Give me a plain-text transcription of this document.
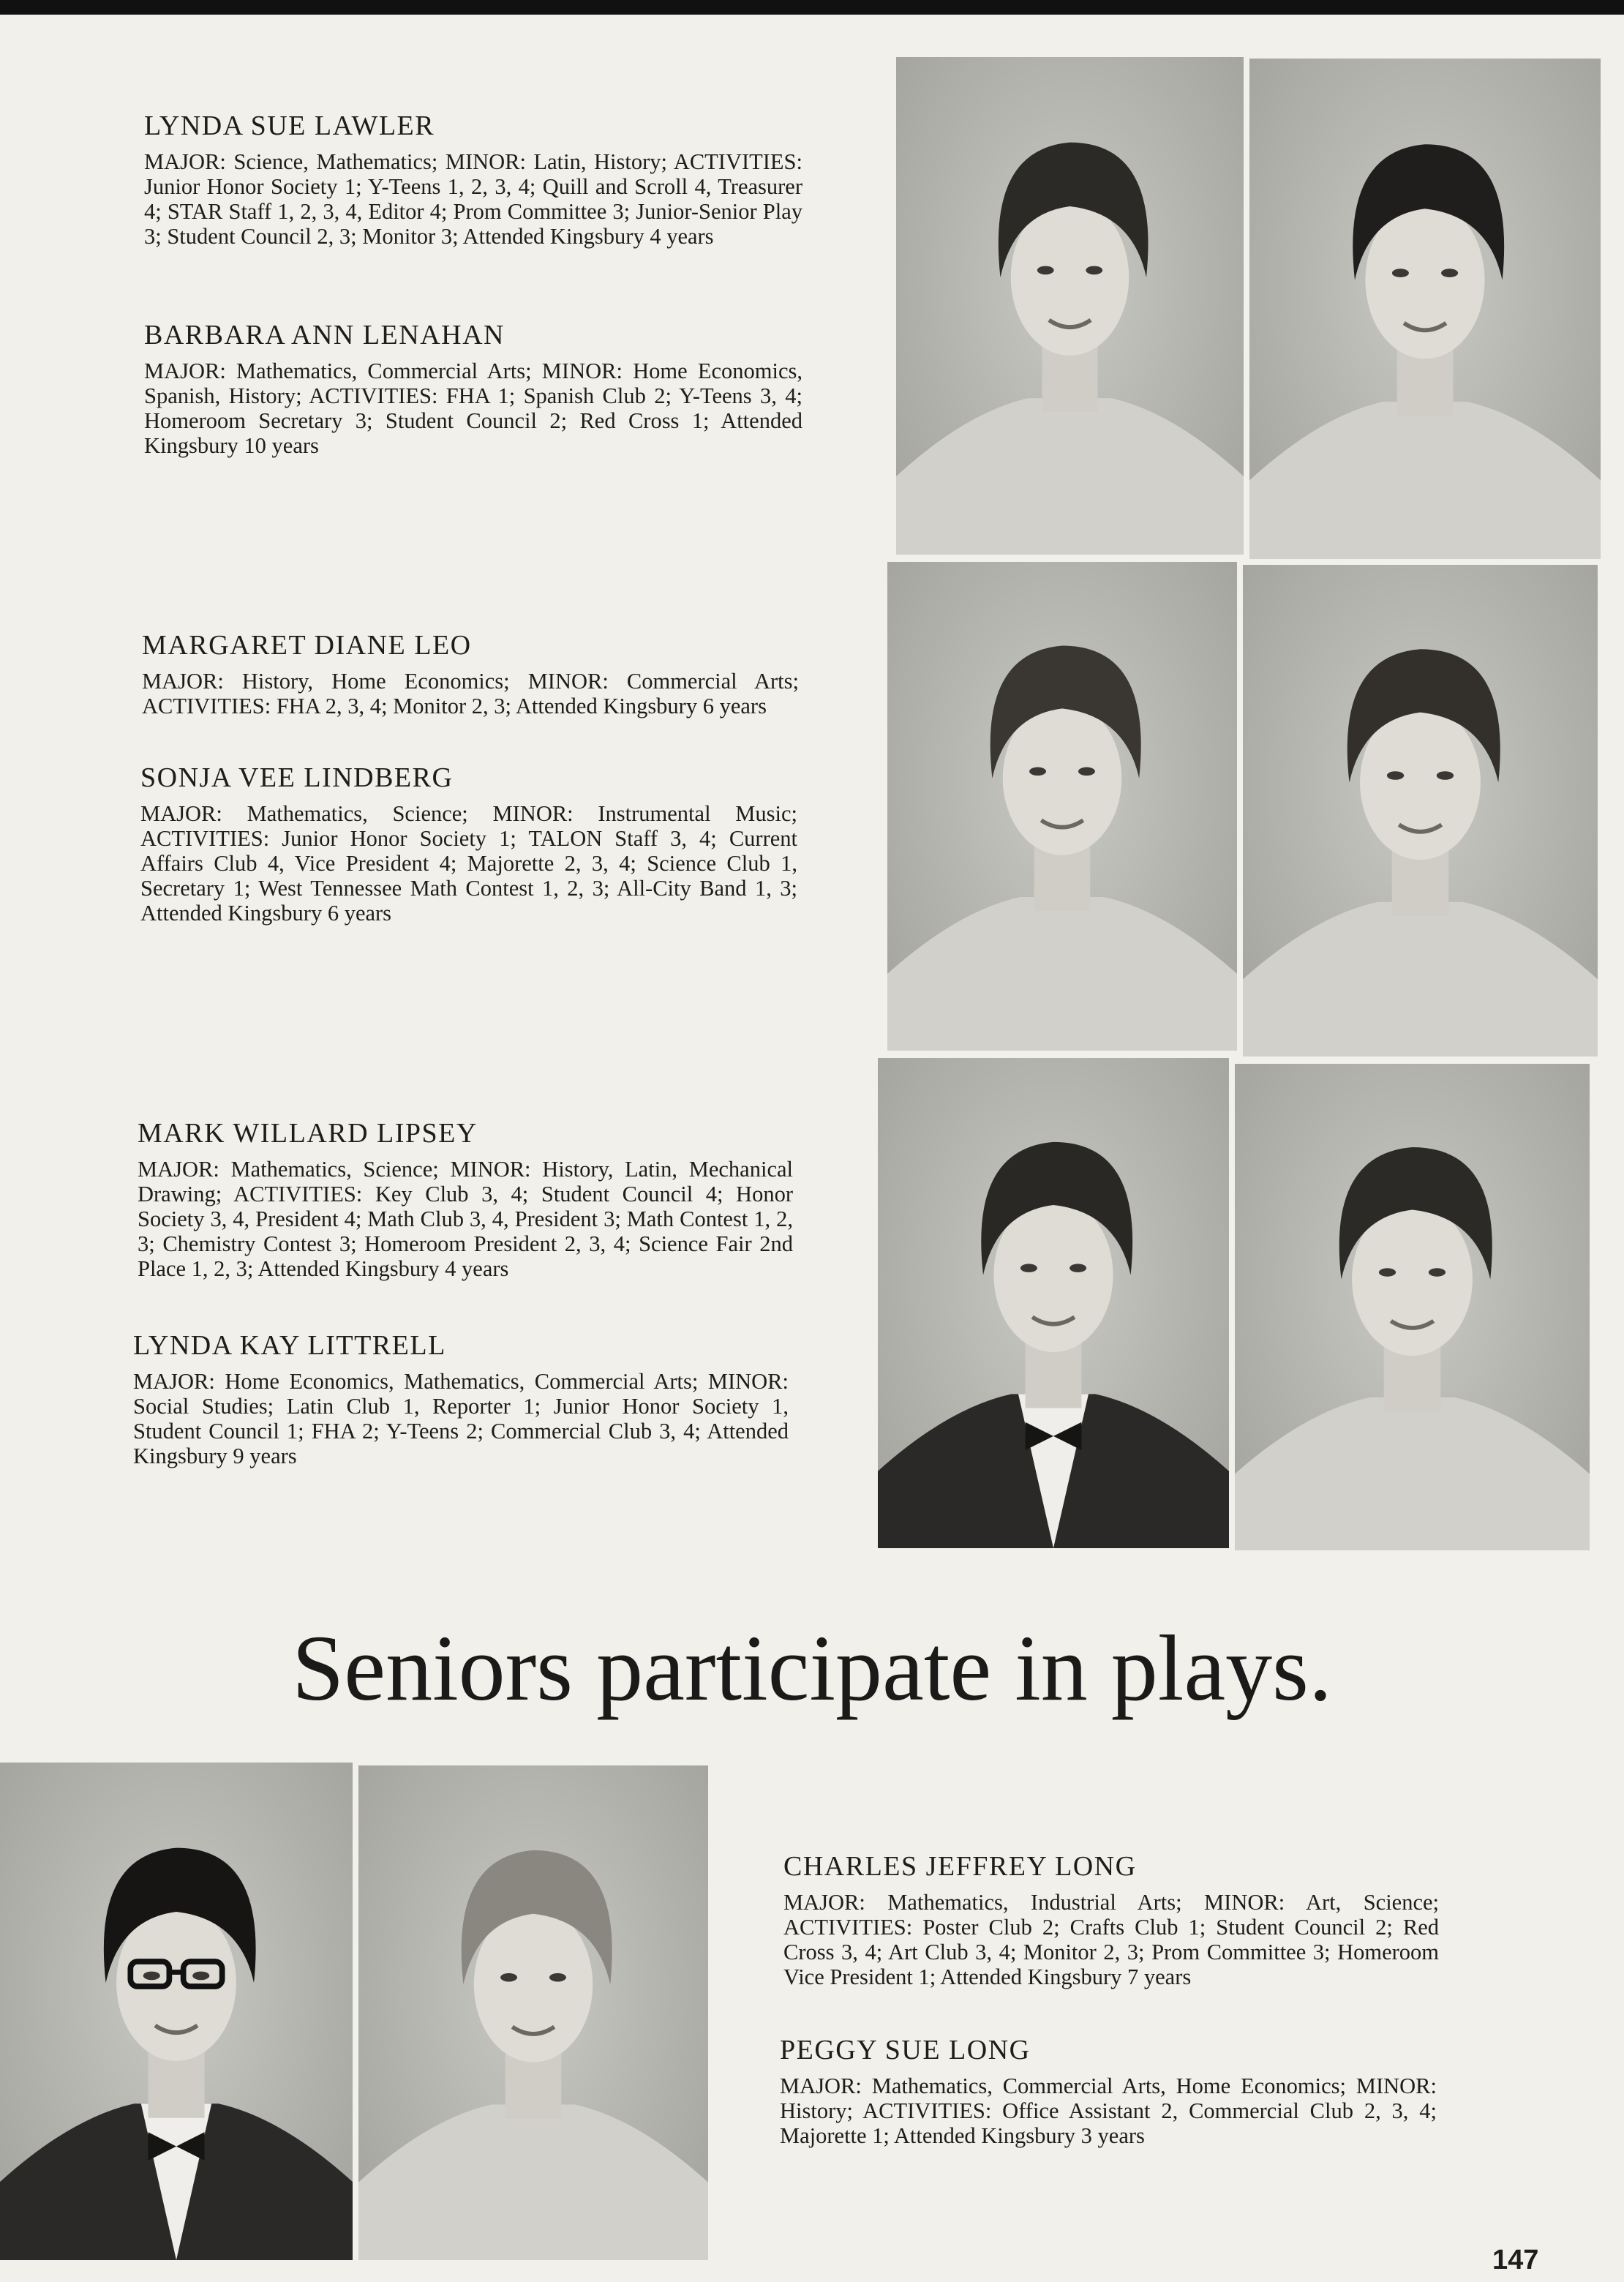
LYNDA SUE LAWLER

MAJOR: Science, Mathematics; MINOR: Latin, History; ACTIVITIES: Junior Honor Society 1; Y-Teens 1, 2, 3, 4; Quill and Scroll 4, Treasurer 4; STAR Staff 1, 2, 3, 4, Editor 4; Prom Committee 3; Junior-Senior Play 3; Student Council 2, 3; Monitor 3; Attended Kingsbury 4 years

BARBARA ANN LENAHAN

MAJOR: Mathematics, Commercial Arts; MINOR: Home Economics, Spanish, History; ACTIVITIES: FHA 1; Spanish Club 2; Y-Teens 3, 4; Homeroom Secretary 3; Student Council 2; Red Cross 1; Attended Kingsbury 10 years

MARGARET DIANE LEO

MAJOR: History, Home Economics; MINOR: Commercial Arts; ACTIVITIES: FHA 2, 3, 4; Monitor 2, 3; Attended Kingsbury 6 years

SONJA VEE LINDBERG

MAJOR: Mathematics, Science; MINOR: Instrumental Music; ACTIVITIES: Junior Honor Society 1; TALON Staff 3, 4; Current Affairs Club 4, Vice President 4; Majorette 2, 3, 4; Science Club 1, Secretary 1; West Tennessee Math Contest 1, 2, 3; All-City Band 1, 3; Attended Kingsbury 6 years

MARK WILLARD LIPSEY

MAJOR: Mathematics, Science; MINOR: History, Latin, Mechanical Drawing; ACTIVITIES: Key Club 3, 4; Student Council 4; Honor Society 3, 4, President 4; Math Club 3, 4, President 3; Math Contest 1, 2, 3; Chemistry Contest 3; Homeroom President 2, 3, 4; Science Fair 2nd Place 1, 2, 3; Attended Kingsbury 4 years

LYNDA KAY LITTRELL

MAJOR: Home Economics, Mathematics, Commercial Arts; MINOR: Social Studies; Latin Club 1, Reporter 1; Junior Honor Society 1, Student Council 1; FHA 2; Y-Teens 2; Commercial Club 3, 4; Attended Kingsbury 9 years

CHARLES JEFFREY LONG

MAJOR: Mathematics, Industrial Arts; MINOR: Art, Science; ACTIVITIES: Poster Club 2; Crafts Club 1; Student Council 2; Red Cross 3, 4; Art Club 3, 4; Monitor 2, 3; Prom Committee 3; Homeroom Vice President 1; Attended Kingsbury 7 years

PEGGY SUE LONG

MAJOR: Mathematics, Commercial Arts, Home Economics; MINOR: History; ACTIVITIES: Office Assistant 2, Commercial Club 2, 3, 4; Majorette 1; Attended Kingsbury 3 years

Seniors participate in plays.
147
